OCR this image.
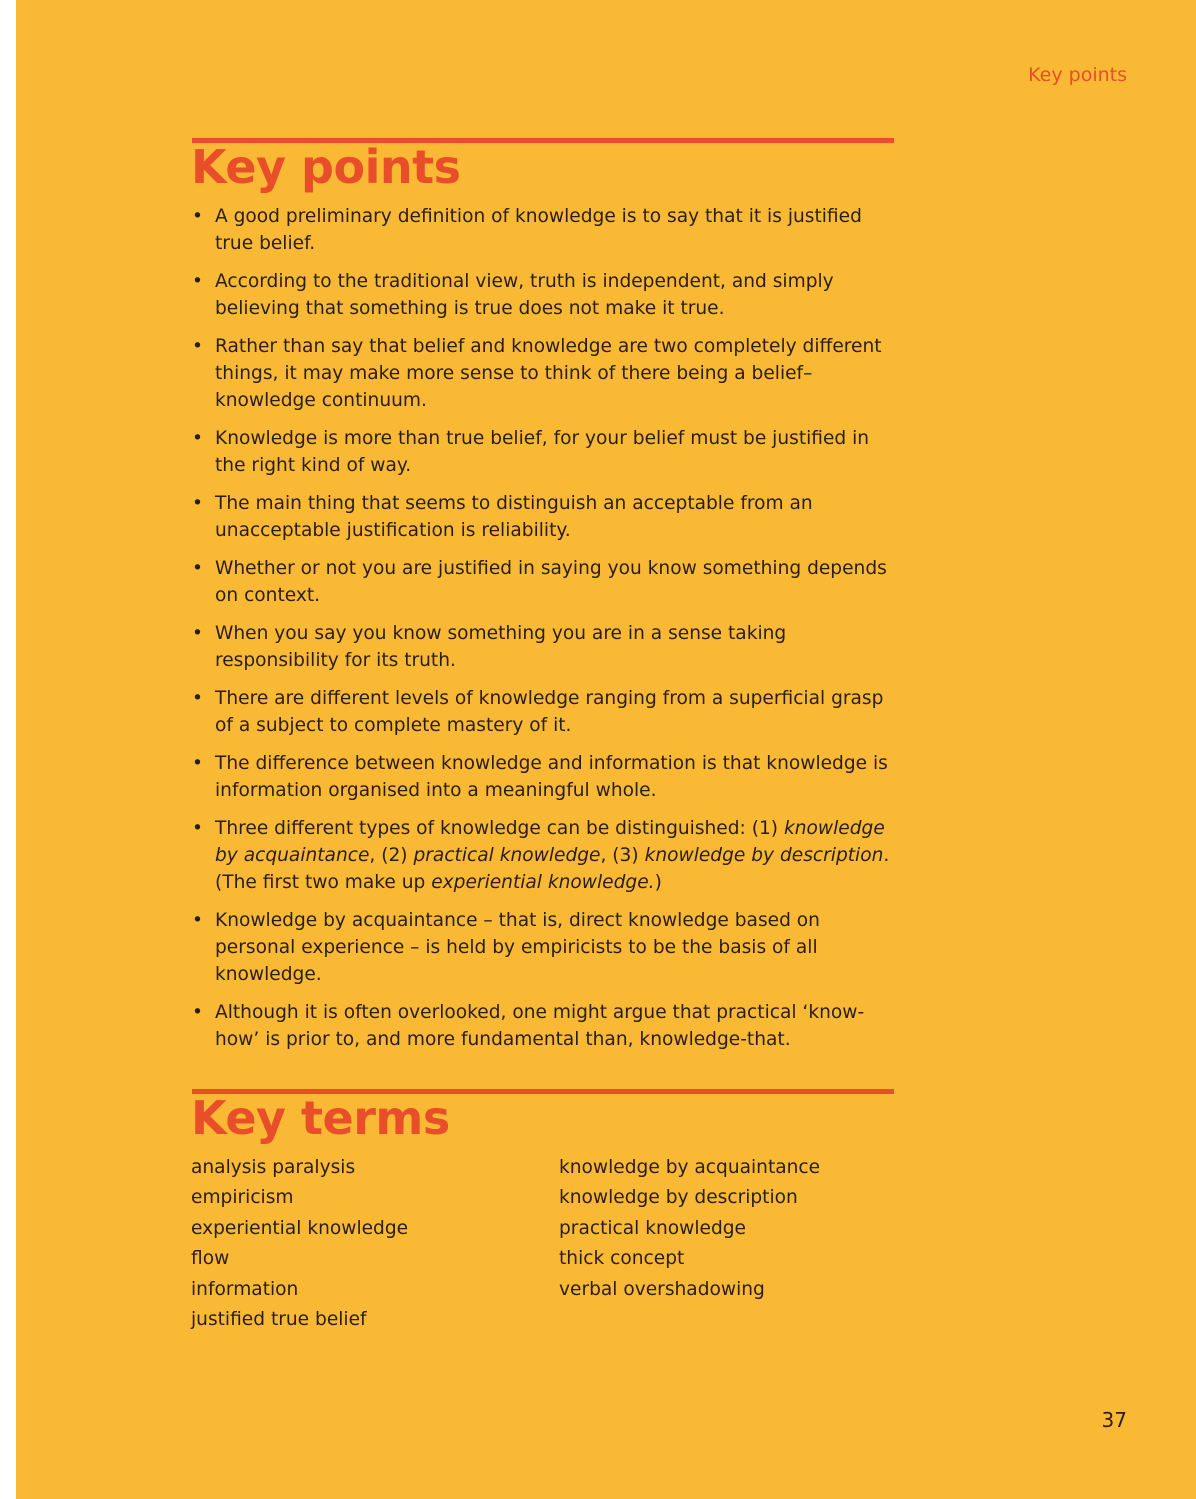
Key points
Key points
• A good preliminary definition of knowledge is to say that it is justified true belief.
• According to the traditional view, truth is independent, and simply believing that something is true does not make it true.
• Rather than say that belief and knowledge are two completely different things, it may make more sense to think of there being a belief–knowledge continuum.
• Knowledge is more than true belief, for your belief must be justified in the right kind of way.
• The main thing that seems to distinguish an acceptable from an unacceptable justification is reliability.
• Whether or not you are justified in saying you know something depends on context.
• When you say you know something you are in a sense taking responsibility for its truth.
• There are different levels of knowledge ranging from a superficial grasp of a subject to complete mastery of it.
• The difference between knowledge and information is that knowledge is information organised into a meaningful whole.
• Three different types of knowledge can be distinguished: (1) knowledge by acquaintance, (2) practical knowledge, (3) knowledge by description. (The first two make up experiential knowledge.)
• Knowledge by acquaintance – that is, direct knowledge based on personal experience – is held by empiricists to be the basis of all knowledge.
• Although it is often overlooked, one might argue that practical ‘know-how’ is prior to, and more fundamental than, knowledge-that.
Key terms
analysis paralysis
empiricism
experiential knowledge
flow
information
justified true belief
knowledge by acquaintance
knowledge by description
practical knowledge
thick concept
verbal overshadowing
37
